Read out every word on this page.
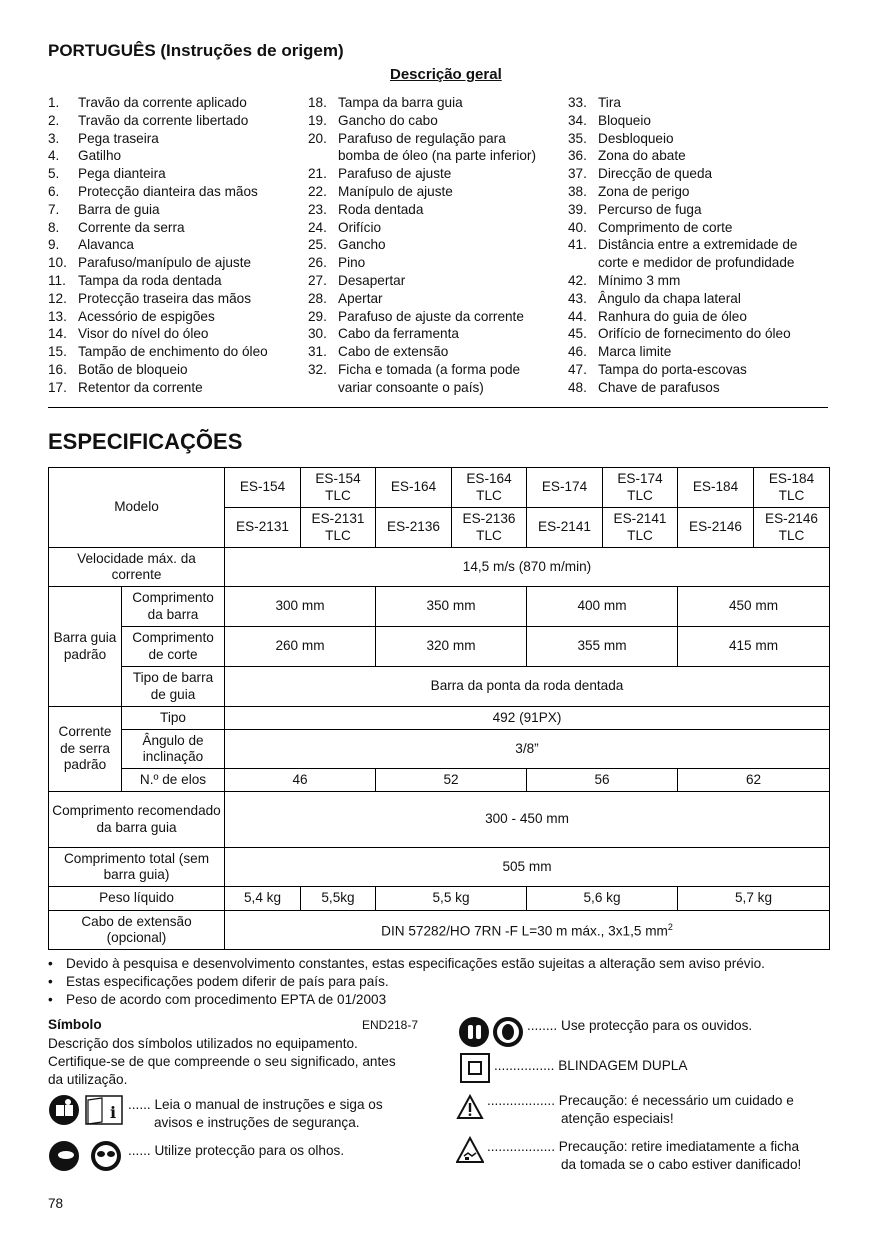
PORTUGUÊS (Instruções de origem)
Descrição geral
1.	Travão da corrente aplicado
2.	Travão da corrente libertado
3.	Pega traseira
4.	Gatilho
5.	Pega dianteira
6.	Protecção dianteira das mãos
7.	Barra de guia
8.	Corrente da serra
9.	Alavanca
10. Parafuso/manípulo de ajuste
11. Tampa da roda dentada
12. Protecção traseira das mãos
13. Acessório de espigões
14. Visor do nível do óleo
15. Tampão de enchimento do óleo
16. Botão de bloqueio
17. Retentor da corrente
18. Tampa da barra guia
19. Gancho do cabo
20. Parafuso de regulação para
bomba de óleo (na parte inferior)
21. Parafuso de ajuste
22. Manípulo de ajuste
23. Roda dentada
24. Orifício
25. Gancho
26. Pino
27. Desapertar
28. Apertar
29. Parafuso de ajuste da corrente
30. Cabo da ferramenta
31. Cabo de extensão
32. Ficha e tomada (a forma pode
variar consoante o país)
33. Tira
34. Bloqueio
35. Desbloqueio
36. Zona do abate
37. Direcção de queda
38. Zona de perigo
39. Percurso de fuga
40. Comprimento de corte
41. Distância entre a extremidade de
corte e medidor de profundidade
42. Mínimo 3 mm
43. Ângulo da chapa lateral
44. Ranhura do guia de óleo
45. Orifício de fornecimento do óleo
46. Marca limite
47. Tampa do porta-escovas
48. Chave de parafusos
ESPECIFICAÇÕES
Modelo		ES-154	ES-154 TLC	ES-164	ES-164 TLC	ES-174	ES-174 TLC	ES-184	ES-184 TLC
		ES-2131	ES-2131 TLC	ES-2136	ES-2136 TLC	ES-2141	ES-2141 TLC	ES-2146	ES-2146 TLC
Velocidade máx. da corrente		14,5 m/s (870 m/min)							
Barra guia padrão	Comprimento da barra	300 mm		350 mm		400 mm		450 mm	
	Comprimento de corte	260 mm		320 mm		355 mm		415 mm	
	Tipo de barra de guia	Barra da ponta da roda dentada							
Corrente de serra padrão	Tipo	492 (91PX)							
	Ângulo de inclinação	3/8”							
	N.º de elos	46		52		56		62	
Comprimento recomendado da barra guia		300 - 450 mm							
Comprimento total (sem barra guia)		505 mm							
Peso líquido		5,4 kg	5,5kg	5,5 kg		5,6 kg		5,7 kg	
Cabo de extensão (opcional)		DIN 57282/HO 7RN -F L=30 m máx., 3x1,5 $mm^2$
• Devido à pesquisa e desenvolvimento constantes, estas especificações estão sujeitas a alteração sem aviso prévio.
• Estas especificações podem diferir de país para país.
• Peso de acordo com procedimento EPTA de 01/2003
Símbolo	END218-7
Descrição dos símbolos utilizados no equipamento. Certifique-se de que compreende o seu significado, antes da utilização.
i ...... Leia o manual de instruções e siga os
avisos e instruções de segurança.
...... Utilize protecção para os olhos.
........ Use protecção para os ouvidos.
................ BLINDAGEM DUPLA
.................. Precaução: é necessário um cuidado e
atenção especiais!
.................. Precaução: retire imediatamente a ficha
da tomada se o cabo estiver danificado!
78
